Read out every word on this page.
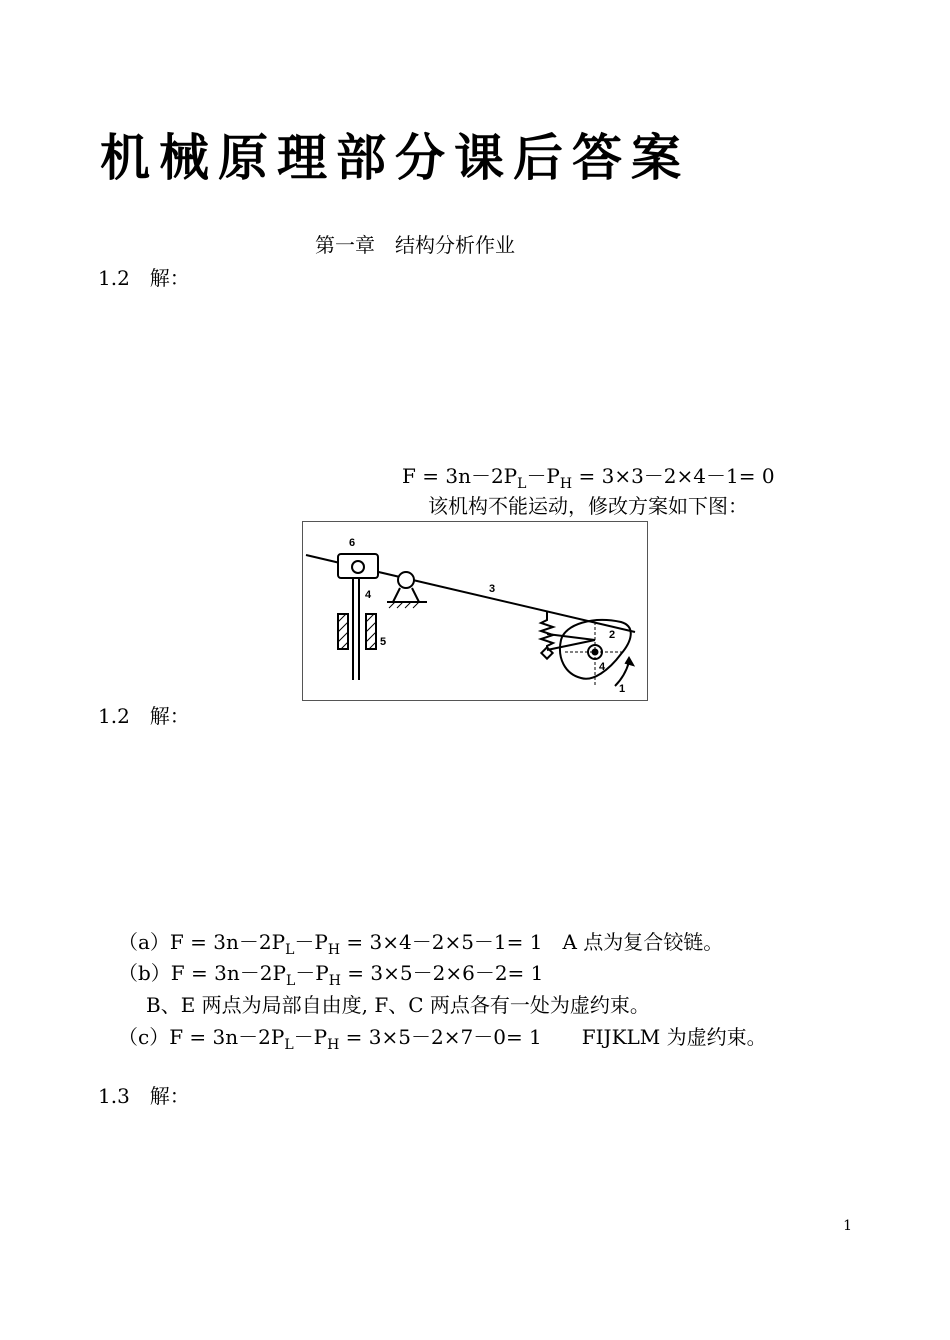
机械原理部分课后答案
第一章　结构分析作业
1.2　解：
$F = 3n-2P_L-P_H = 3\times 3-2\times 4-1= 0$
该机构不能运动，修改方案如下图：
6
4
5
3
2
4
1
1.2　解：
$(a)F = 3n-2P_L-P_H = 3\times 4-2\times 5-1= 1$　A 点为复合铰链。
$(b)F = 3n-2P_L-P_H = 3\times 5-2\times 6-2= 1$
B、E 两点为局部自由度, F、C 两点各有一处为虚约束。
$(c)F = 3n-2P_L-P_H = 3\times 5-2\times 7-0= 1$　　FIJKLM 为虚约束。
1.3　解：
1
